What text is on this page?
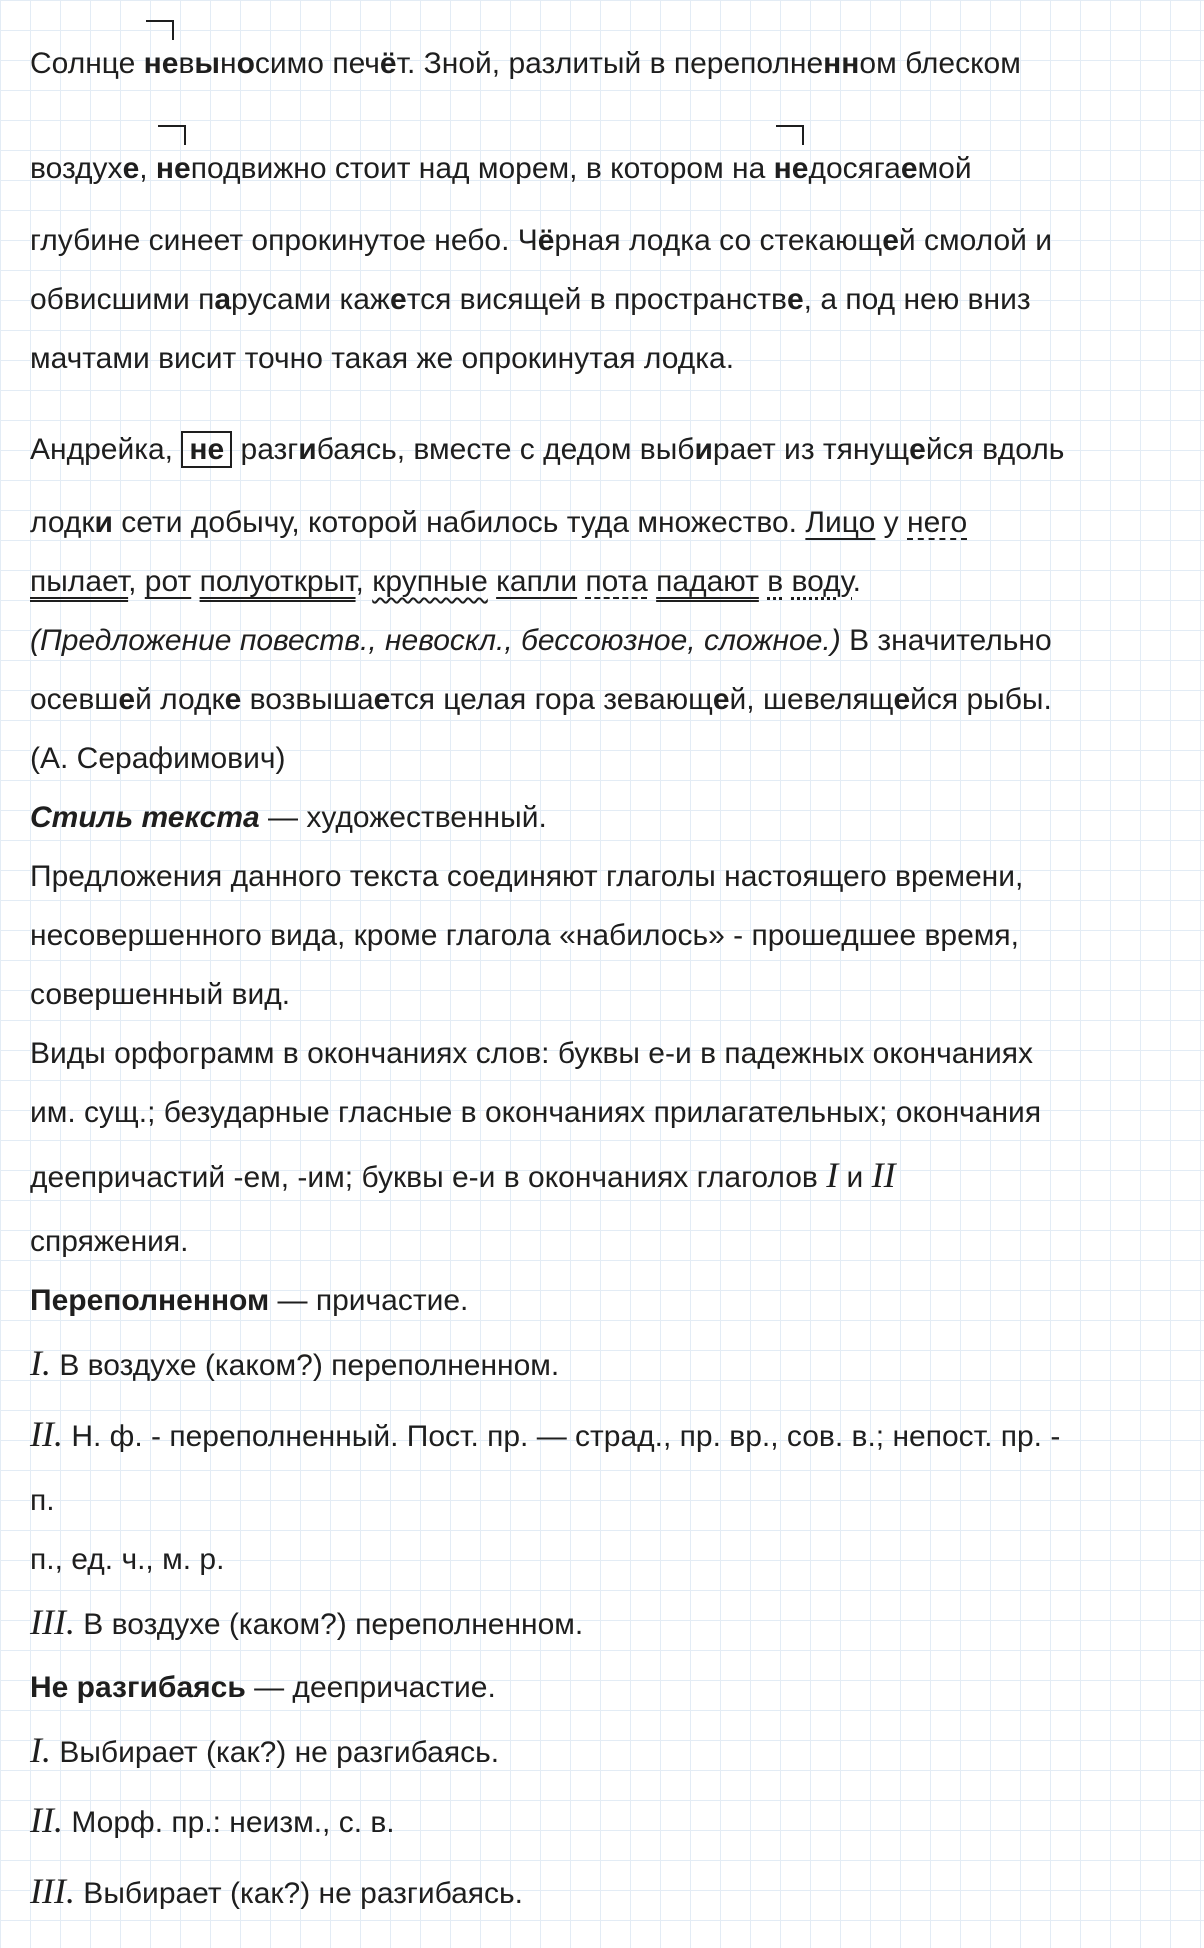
Солнце невыносимо печёт. Зной, разлитый в переполненном блеском
воздухе, неподвижно стоит над морем, в котором на недосягаемой
глубине синеет опрокинутое небо. Чёрная лодка со стекающей смолой и
обвисшими парусами кажется висящей в пространстве, а под нею вниз
мачтами висит точно такая же опрокинутая лодка.
Андрейка, не разгибаясь, вместе с дедом выбирает из тянущейся вдоль
лодки сети добычу, которой набилось туда множество. Лицо у него
пылает, рот полуоткрыт, крупные капли пота падают в воду.
(Предложение повеств., невоскл., бессоюзное, сложное.) В значительно
осевшей лодке возвышается целая гора зевающей, шевелящейся рыбы.
(А. Серафимович)
Стиль текста — художественный.
Предложения данного текста соединяют глаголы настоящего времени,
несовершенного вида, кроме глагола «набилось» - прошедшее время,
совершенный вид.
Виды орфограмм в окончаниях слов: буквы е-и в падежных окончаниях
им. сущ.; безударные гласные в окончаниях прилагательных; окончания
деепричастий -ем, -им; буквы е-и в окончаниях глаголов I и II
спряжения.
Переполненном — причастие.
I. В воздухе (каком?) переполненном.
II. Н. ф. - переполненный. Пост. пр. — страд., пр. вр., сов. в.; непост. пр. -
п.
п., ед. ч., м. р.
III. В воздухе (каком?) переполненном.
Не разгибаясь — деепричастие.
I. Выбирает (как?) не разгибаясь.
II. Морф. пр.: неизм., с. в.
III. Выбирает (как?) не разгибаясь.
